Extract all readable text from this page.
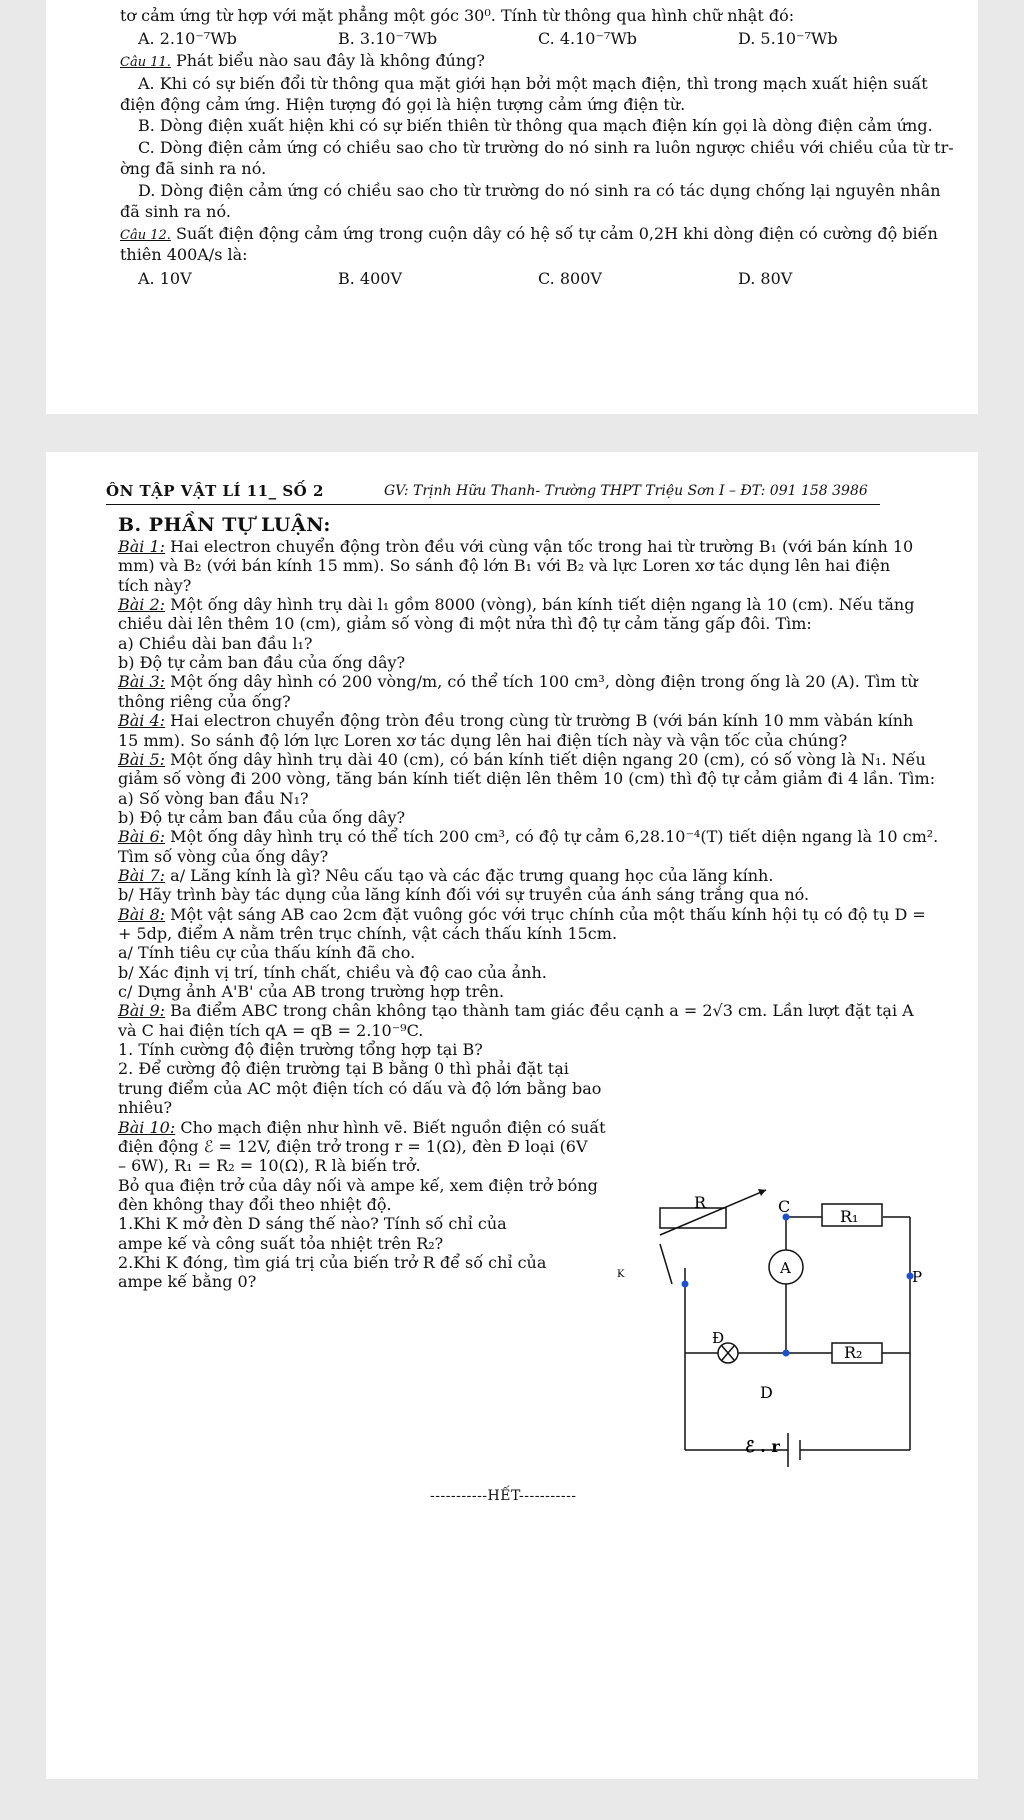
tơ cảm ứng từ hợp với mặt phẳng một góc 30⁰. Tính từ thông qua hình chữ nhật đó:
A. 2.10⁻⁷Wb	B. 3.10⁻⁷Wb	C. 4.10⁻⁷Wb	D. 5.10⁻⁷Wb
Câu 11. Phát biểu nào sau đây là không đúng?
A. Khi có sự biến đổi từ thông qua mặt giới hạn bởi một mạch điện, thì trong mạch xuất hiện suất
điện động cảm ứng. Hiện tượng đó gọi là hiện tượng cảm ứng điện từ.
B. Dòng điện xuất hiện khi có sự biến thiên từ thông qua mạch điện kín gọi là dòng điện cảm ứng.
C. Dòng điện cảm ứng có chiều sao cho từ trường do nó sinh ra luôn ngược chiều với chiều của từ tr-
ờng đã sinh ra nó.
D. Dòng điện cảm ứng có chiều sao cho từ trường do nó sinh ra có tác dụng chống lại nguyên nhân
đã sinh ra nó.
Câu 12. Suất điện động cảm ứng trong cuộn dây có hệ số tự cảm 0,2H khi dòng điện có cường độ biến
thiên 400A/s là:
A. 10V	B. 400V	C. 800V	D. 80V
ÔN TẬP VẬT LÍ 11_ SỐ 2	GV: Trịnh Hữu Thanh- Trường THPT Triệu Sơn I – ĐT: 091 158 3986
B. PHẦN TỰ LUẬN:
Bài 1: Hai electron chuyển động tròn đều với cùng vận tốc trong hai từ trường B₁ (với bán kính 10
mm) và B₂ (với bán kính 15 mm). So sánh độ lớn B₁ với B₂ và lực Loren xơ tác dụng lên hai điện
tích này?
Bài 2: Một ống dây hình trụ dài l₁ gồm 8000 (vòng), bán kính tiết diện ngang là 10 (cm). Nếu tăng
chiều dài lên thêm 10 (cm), giảm số vòng đi một nửa thì độ tự cảm tăng gấp đôi. Tìm:
a) Chiều dài ban đầu l₁?
b) Độ tự cảm ban đầu của ống dây?
Bài 3: Một ống dây hình có 200 vòng/m, có thể tích 100 cm³, dòng điện trong ống là 20 (A). Tìm từ
thông riêng của ống?
Bài 4: Hai electron chuyển động tròn đều trong cùng từ trường B (với bán kính 10 mm vàbán kính
15 mm). So sánh độ lớn lực Loren xơ tác dụng lên hai điện tích này và vận tốc của chúng?
Bài 5: Một ống dây hình trụ dài 40 (cm), có bán kính tiết diện ngang 20 (cm), có số vòng là N₁. Nếu
giảm số vòng đi 200 vòng, tăng bán kính tiết diện lên thêm 10 (cm) thì độ tự cảm giảm đi 4 lần. Tìm:
a) Số vòng ban đầu N₁?
b) Độ tự cảm ban đầu của ống dây?
Bài 6: Một ống dây hình trụ có thể tích 200 cm³, có độ tự cảm 6,28.10⁻⁴(T) tiết diện ngang là 10 cm².
Tìm số vòng của ống dây?
Bài 7: a/ Lăng kính là gì? Nêu cấu tạo và các đặc trưng quang học của lăng kính.
b/ Hãy trình bày tác dụng của lăng kính đối với sự truyền của ánh sáng trắng qua nó.
Bài 8: Một vật sáng AB cao 2cm đặt vuông góc với trục chính của một thấu kính hội tụ có độ tụ D =
+ 5dp, điểm A nằm trên trục chính, vật cách thấu kính 15cm.
a/ Tính tiêu cự của thấu kính đã cho.
b/ Xác định vị trí, tính chất, chiều và độ cao của ảnh.
c/ Dựng ảnh A'B' của AB trong trường hợp trên.
Bài 9: Ba điểm ABC trong chân không tạo thành tam giác đều cạnh a = 2√3 cm. Lần lượt đặt tại A
và C hai điện tích qA = qB = 2.10⁻⁹C.
1. Tính cường độ điện trường tổng hợp tại B?
2. Để cường độ điện trường tại B bằng 0 thì phải đặt tại
trung điểm của AC một điện tích có dấu và độ lớn bằng bao
nhiêu?
Bài 10: Cho mạch điện như hình vẽ. Biết nguồn điện có suất
điện động ℰ = 12V, điện trở trong r = 1(Ω), đèn Đ loại (6V
– 6W), R₁ = R₂ = 10(Ω), R là biến trở.
Bỏ qua điện trở của dây nối và ampe kế, xem điện trở bóng
đèn không thay đổi theo nhiệt độ.
1.Khi K mở đèn D sáng thế nào? Tính số chỉ của
ampe kế và công suất tỏa nhiệt trên R₂?
2.Khi K đóng, tìm giá trị của biến trở R để số chỉ của
ampe kế bằng 0?
R	C
R₁
A
K	P
Đ
R₂
D
ℰ . r
-----------HẾT-----------
